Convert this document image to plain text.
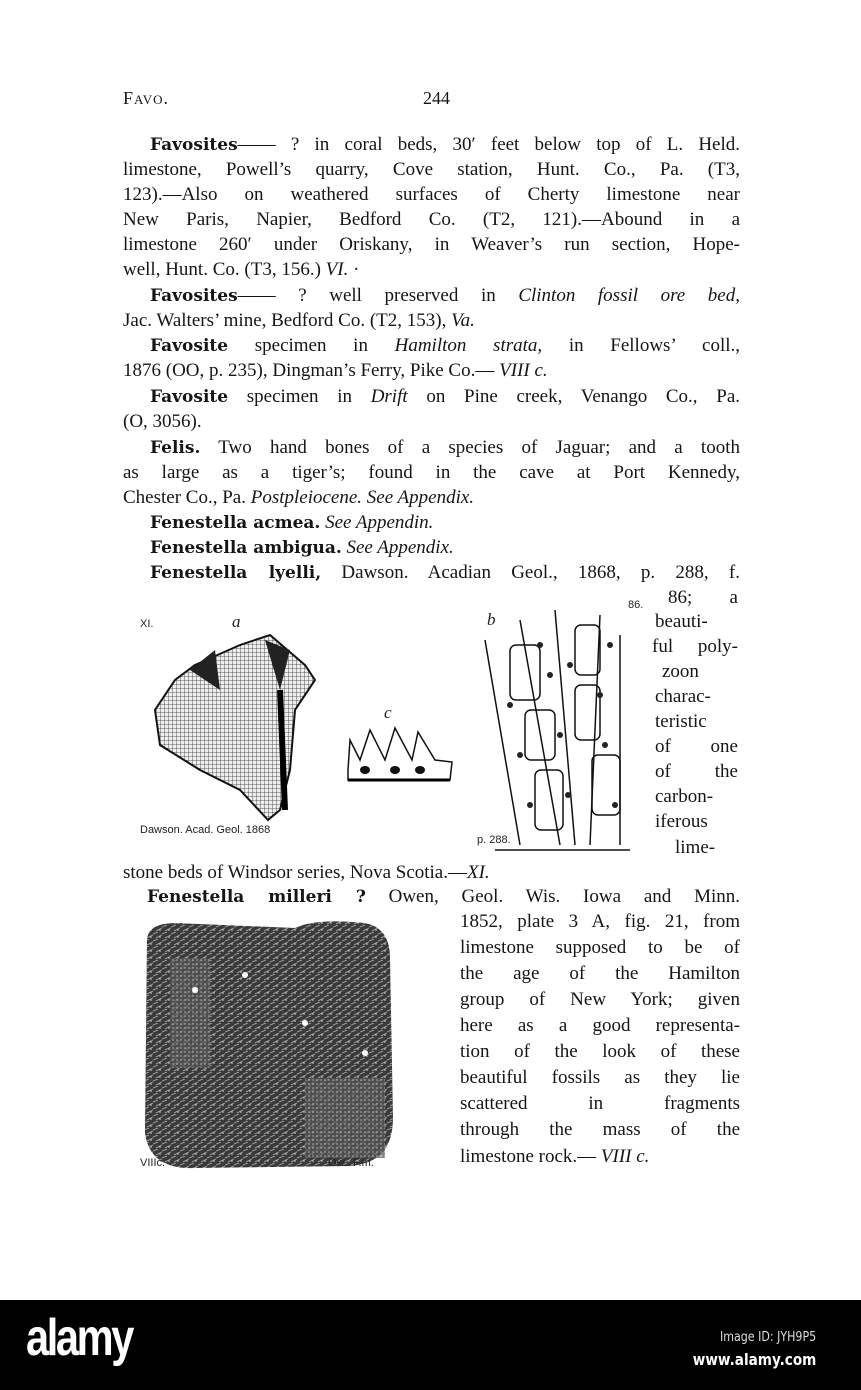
Favo.	244
Favosites—— ? in coral beds, 30′ feet below top of L. Held.
limestone, Powell’s quarry, Cove station, Hunt. Co., Pa. (T3,
123).—Also on weathered surfaces of Cherty limestone near
New Paris, Napier, Bedford Co. (T2, 121).—Abound in a
limestone 260′ under Oriskany, in Weaver’s run section, Hope-
well, Hunt. Co. (T3, 156.) VI. ·
Favosites—— ? well preserved in Clinton fossil ore bed,
Jac. Walters’ mine, Bedford Co. (T2, 153), Va.
Favosite specimen in Hamilton strata, in Fellows’ coll.,
1876 (OO, p. 235), Dingman’s Ferry, Pike Co.— VIII c.
Favosite specimen in Drift on Pine creek, Venango Co., Pa.
(O, 3056).
Felis. Two hand bones of a species of Jaguar; and a tooth
as large as a tiger’s; found in the cave at Port Kennedy,
Chester Co., Pa. Postpleiocene. See Appendix.
Fenestella acmea. See Appendin.
Fenestella ambigua. See Appendix.
Fenestella lyelli, Dawson. Acadian Geol., 1868, p. 288, f.
86; a
beauti-
ful poly-
zoon
charac-
teristic
of one
of the
carbon-
iferous
lime-
stone beds of Windsor series, Nova Scotia.—XI.
Fenestella milleri ? Owen, Geol. Wis. Iowa and Minn.
1852, plate 3 A, fig. 21, from
limestone supposed to be of
the age of the Hamilton
group of New York; given
here as a good representa-
tion of the look of these
beautiful fossils as they lie
scattered in fragments
through the mass of the
limestone rock.— VIII c.
XI.	a
c
b
86.
Dawson. Acad. Geol. 1868
p. 288.
VIIIc.	Ow.  F.m.
alamy	Image ID: JYH9P5
www.alamy.com
